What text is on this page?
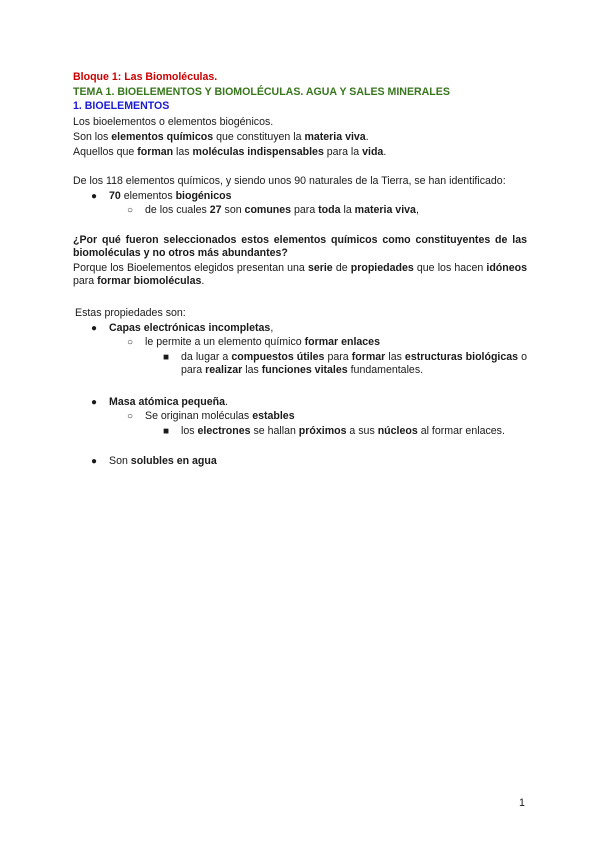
Bloque 1: Las Biomoléculas.
TEMA 1. BIOELEMENTOS Y BIOMOLÉCULAS. AGUA Y SALES MINERALES
1. BIOELEMENTOS
Los bioelementos o elementos biogénicos.
Son los elementos químicos que constituyen la materia viva.
Aquellos que forman las moléculas indispensables para la vida.
De los 118 elementos químicos, y siendo unos 90 naturales de la Tierra, se han identificado:
● 70 elementos biogénicos
○ de los cuales 27 son comunes para toda la materia viva,
¿Por qué fueron seleccionados estos elementos químicos como constituyentes de las biomoléculas y no otros más abundantes?
Porque los Bioelementos elegidos presentan una serie de propiedades que los hacen idóneos para formar biomoléculas.
Estas propiedades son:
● Capas electrónicas incompletas,
○ le permite a un elemento químico formar enlaces
■ da lugar a compuestos útiles para formar las estructuras biológicas o para realizar las funciones vitales fundamentales.
● Masa atómica pequeña.
○ Se originan moléculas estables
■ los electrones se hallan próximos a sus núcleos al formar enlaces.
● Son solubles en agua
1
